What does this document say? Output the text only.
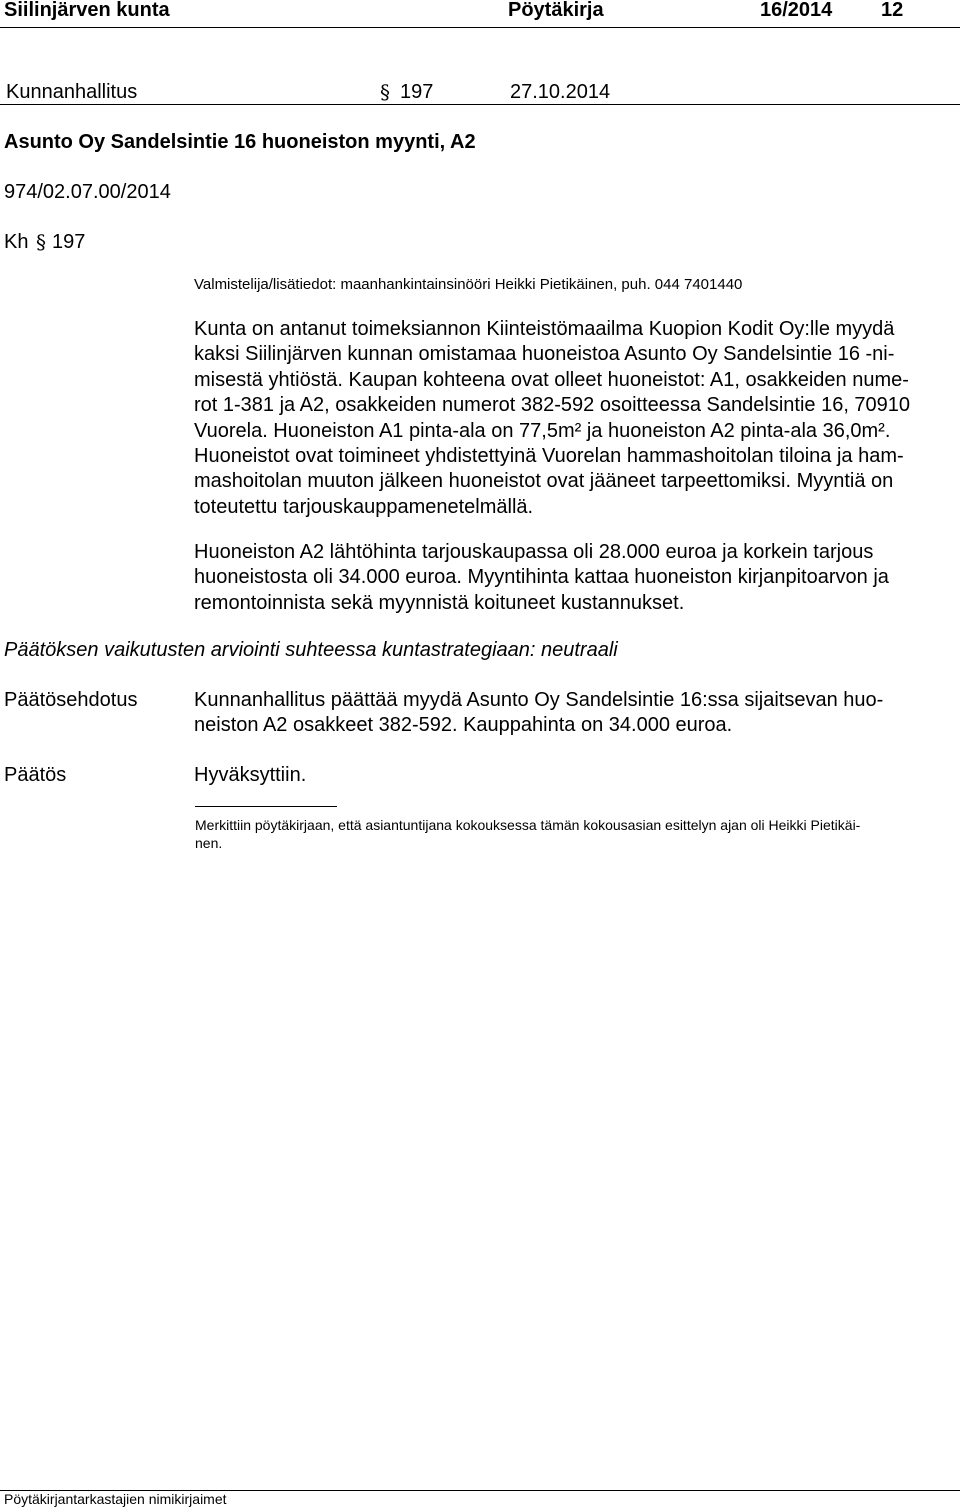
Siilinjärven kunta	Pöytäkirja	16/2014 12
Kunnanhallitus	§ 197	27.10.2014
Asunto Oy Sandelsintie 16 huoneiston myynti, A2
974/02.07.00/2014
Kh § 197
Valmistelija/lisätiedot: maanhankintainsinööri Heikki Pietikäinen, puh. 044 7401440

Kunta on antanut toimeksiannon Kiinteistömaailma Kuopion Kodit Oy:lle myydä

kaksi Siilinjärven kunnan omistamaa huoneistoa Asunto Oy Sandelsintie 16 -ni-

misestä yhtiöstä. Kaupan kohteena ovat olleet huoneistot: A1, osakkeiden nume-

rot 1-381 ja A2, osakkeiden numerot 382-592 osoitteessa Sandelsintie 16, 70910

Vuorela. Huoneiston A1 pinta-ala on 77,5m² ja huoneiston A2 pinta-ala 36,0m².

Huoneistot ovat toimineet yhdistettyinä Vuorelan hammashoitolan tiloina ja ham-

mashoitolan muuton jälkeen huoneistot ovat jääneet tarpeettomiksi. Myyntiä on

toteutettu tarjouskauppamenetelmällä.

Huoneiston A2 lähtöhinta tarjouskaupassa oli 28.000 euroa ja korkein tarjous

huoneistosta oli 34.000 euroa. Myyntihinta kattaa huoneiston kirjanpitoarvon ja

remontoinnista sekä myynnistä koituneet kustannukset.

Päätöksen vaikutusten arviointi suhteessa kuntastrategiaan: neutraali
Päätösehdotus	Kunnanhallitus päättää myydä Asunto Oy Sandelsintie 16:ssa sijaitsevan huo-

neiston A2 osakkeet 382-592. Kauppahinta on 34.000 euroa.

Päätös	Hyväksyttiin.
Merkittiin pöytäkirjaan, että asiantuntijana kokouksessa tämän kokousasian esittelyn ajan oli Heikki Pietikäi-
nen.
Pöytäkirjantarkastajien nimikirjaimet
